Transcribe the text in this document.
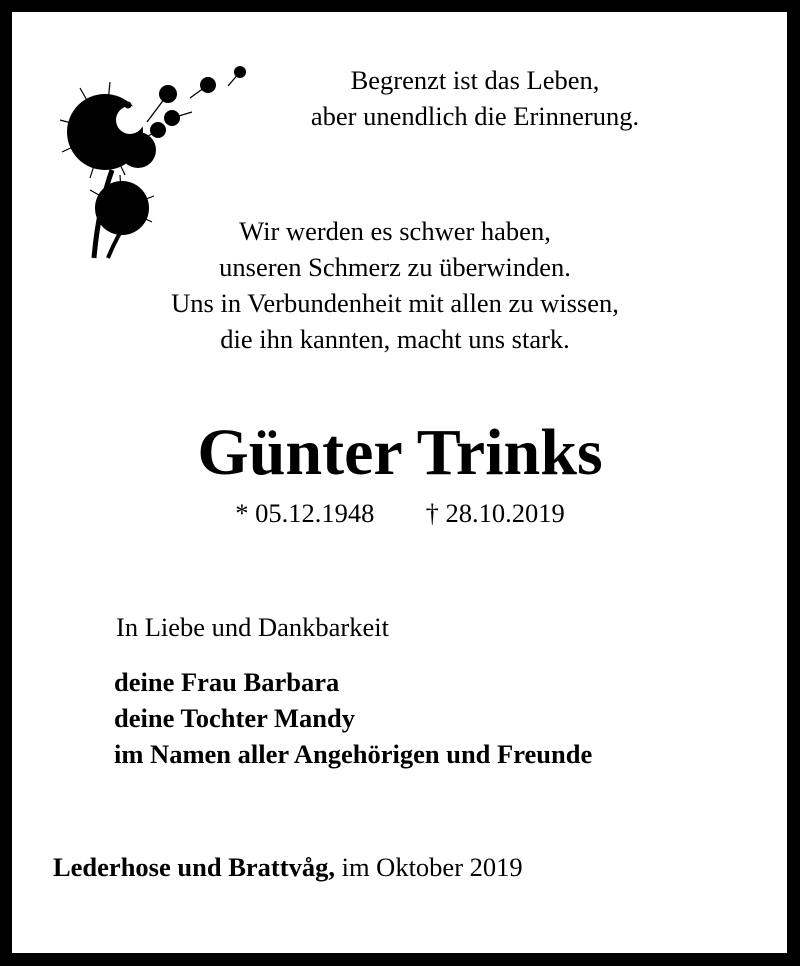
Begrenzt ist das Leben,
aber unendlich die Erinnerung.
Wir werden es schwer haben,
unseren Schmerz zu überwinden.
Uns in Verbundenheit mit allen zu wissen,
die ihn kannten, macht uns stark.
Günter Trinks
* 05.12.1948 † 28.10.2019
In Liebe und Dankbarkeit
deine Frau Barbara
deine Tochter Mandy
im Namen aller Angehörigen und Freunde
Lederhose und Brattvåg, im Oktober 2019
